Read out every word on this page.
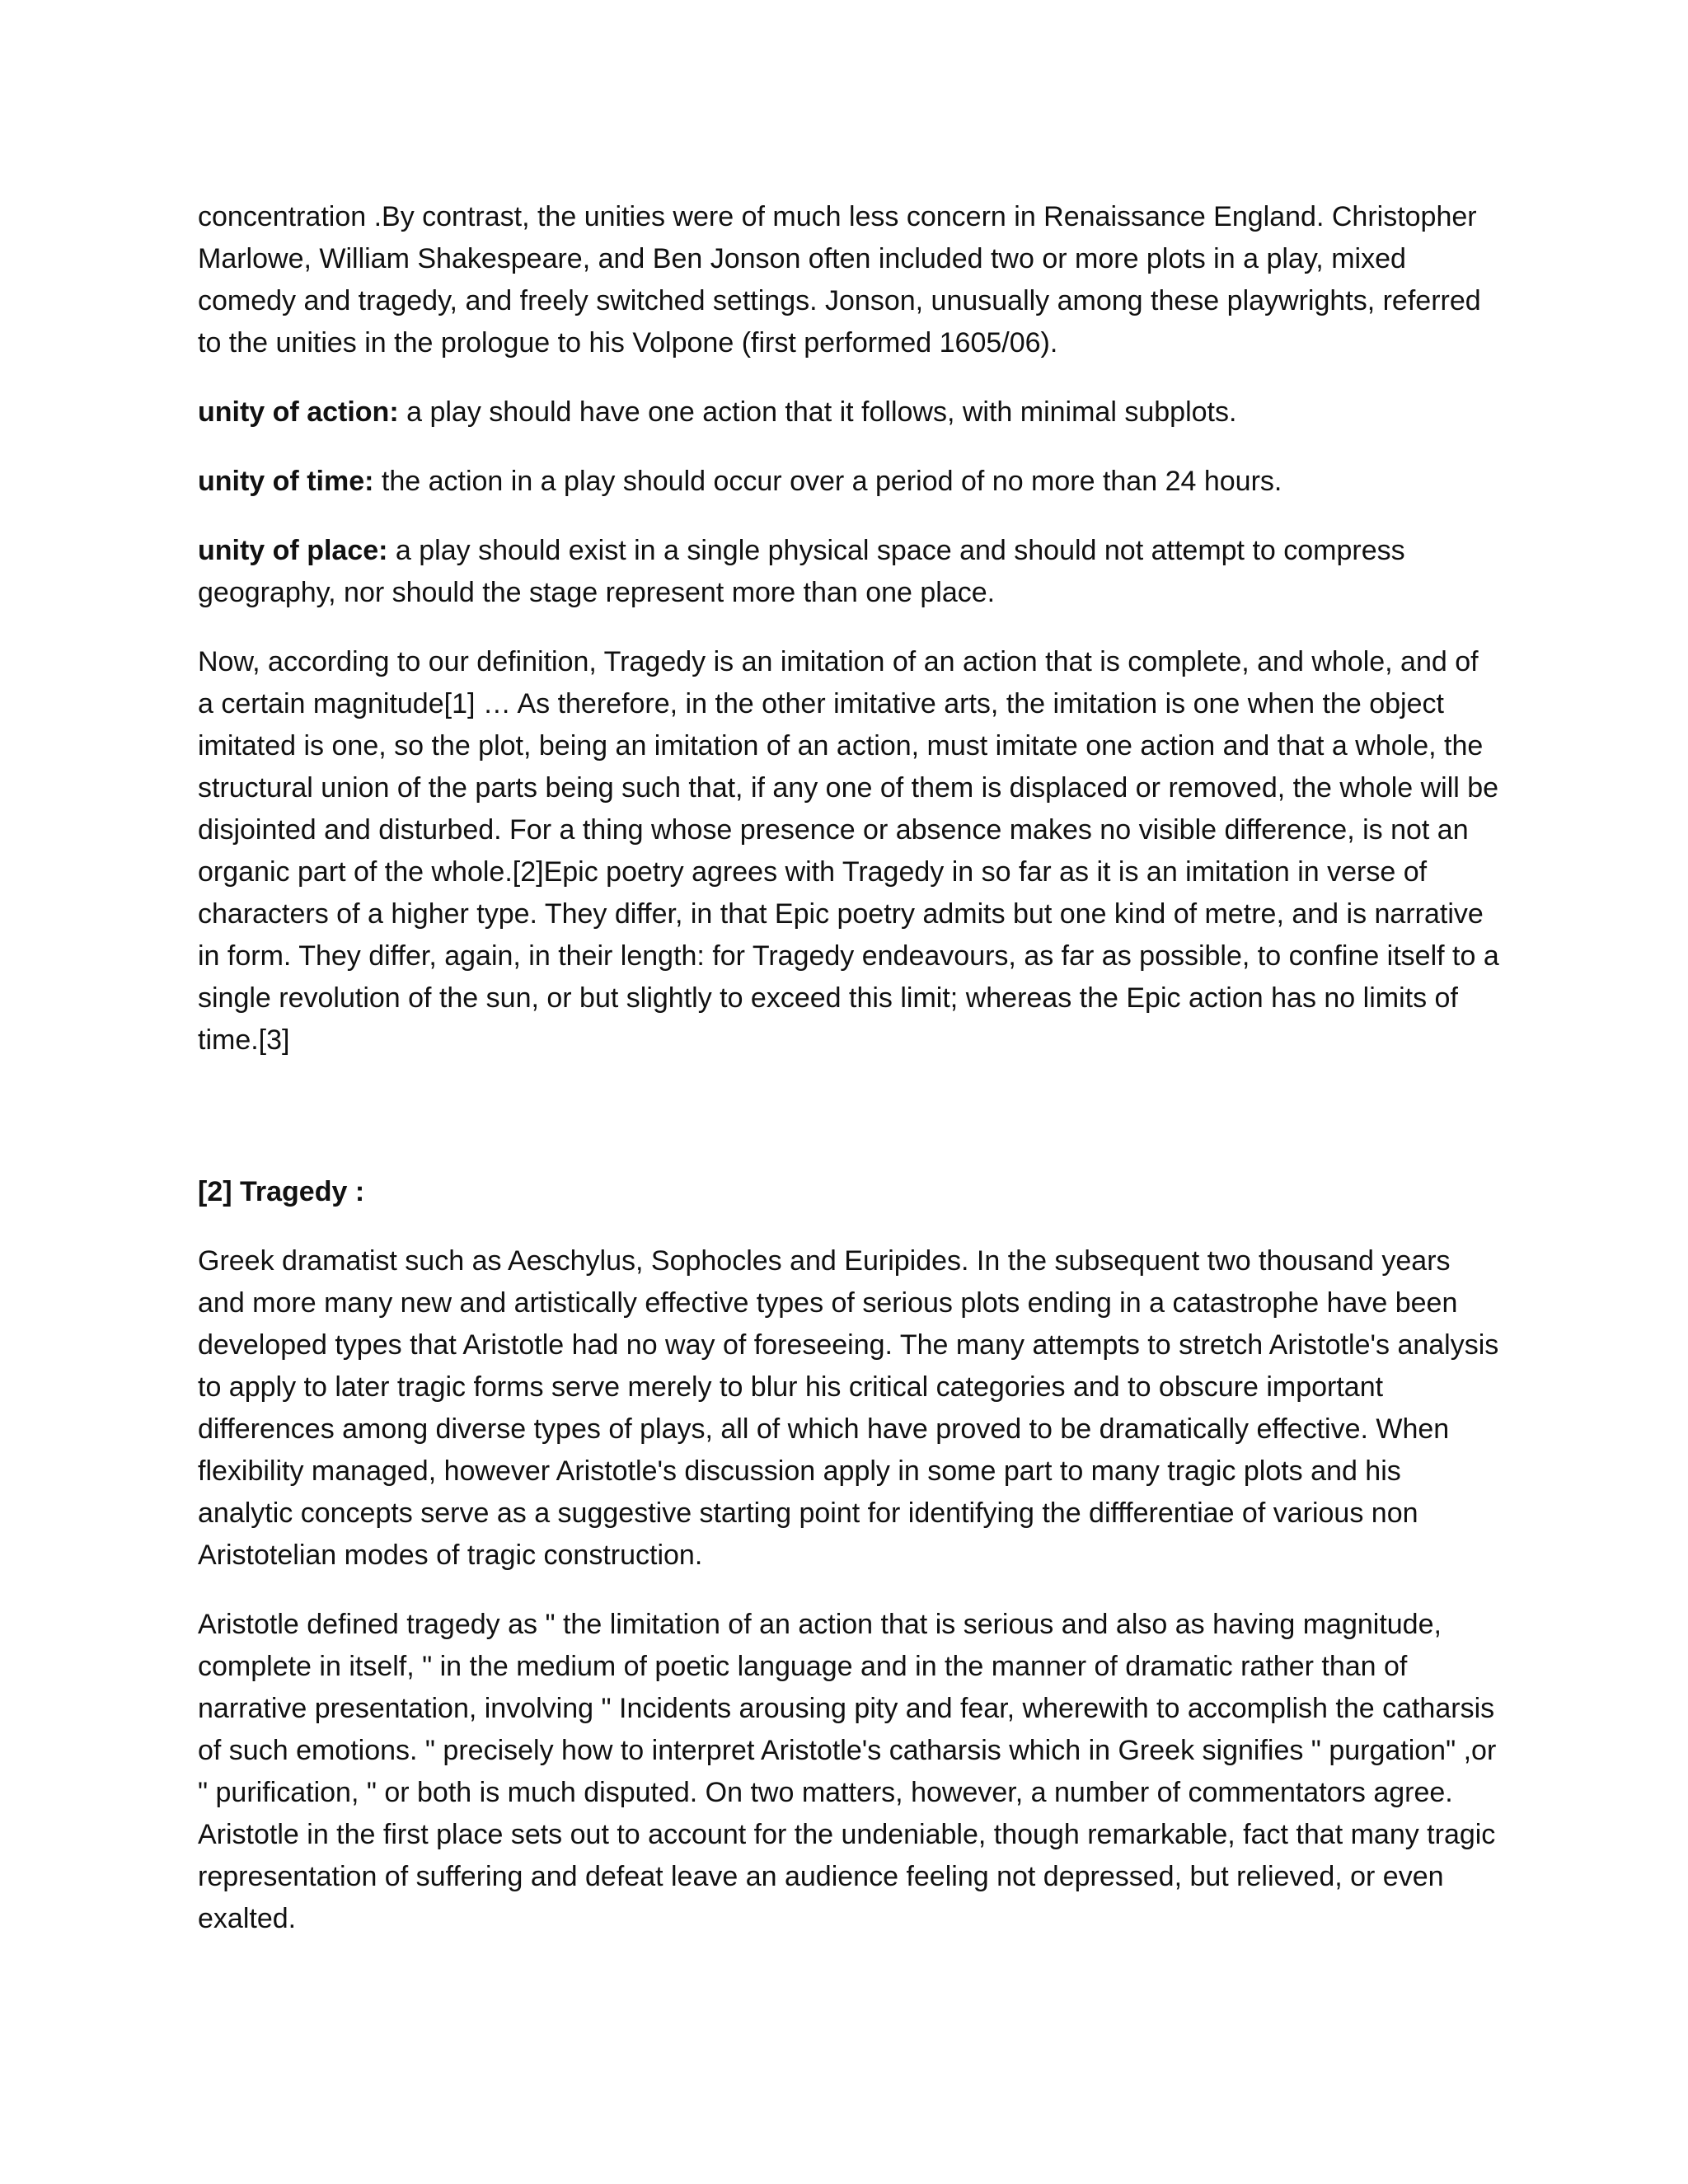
concentration .By contrast, the unities were of much less concern in Renaissance England. Christopher Marlowe, William Shakespeare, and Ben Jonson often included two or more plots in a play, mixed comedy and tragedy, and freely switched settings. Jonson, unusually among these playwrights, referred to the unities in the prologue to his Volpone (first performed 1605/06).

unity of action: a play should have one action that it follows, with minimal subplots.

unity of time: the action in a play should occur over a period of no more than 24 hours.

unity of place: a play should exist in a single physical space and should not attempt to compress geography, nor should the stage represent more than one place.

Now, according to our definition, Tragedy is an imitation of an action that is complete, and whole, and of a certain magnitude[1] … As therefore, in the other imitative arts, the imitation is one when the object imitated is one, so the plot, being an imitation of an action, must imitate one action and that a whole, the structural union of the parts being such that, if any one of them is displaced or removed, the whole will be disjointed and disturbed. For a thing whose presence or absence makes no visible difference, is not an organic part of the whole.[2]Epic poetry agrees with Tragedy in so far as it is an imitation in verse of characters of a higher type. They differ, in that Epic poetry admits but one kind of metre, and is narrative in form. They differ, again, in their length: for Tragedy endeavours, as far as possible, to confine itself to a single revolution of the sun, or but slightly to exceed this limit; whereas the Epic action has no limits of time.[3]

[2] Tragedy :

Greek dramatist such as Aeschylus, Sophocles and Euripides. In the subsequent two thousand years and more many new and artistically effective types of serious plots ending in a catastrophe have been developed types that Aristotle had no way of foreseeing. The many attempts to stretch Aristotle's analysis to apply to later tragic forms serve merely to blur his critical categories and to obscure important differences among diverse types of plays, all of which have proved to be dramatically effective. When flexibility managed, however Aristotle's discussion apply in some part to many tragic plots and his analytic concepts serve as a suggestive starting point for identifying the diffferentiae of various non Aristotelian modes of tragic construction.

Aristotle defined tragedy as " the limitation of an action that is serious and also as having magnitude, complete in itself, " in the medium of poetic language and in the manner of dramatic rather than of narrative presentation, involving " Incidents arousing pity and fear, wherewith to accomplish the catharsis of such emotions. " precisely how to interpret Aristotle's catharsis which in Greek signifies " purgation" ,or " purification, " or both is much disputed. On two matters, however, a number of commentators agree. Aristotle in the first place sets out to account for the undeniable, though remarkable, fact that many tragic representation of suffering and defeat leave an audience feeling not depressed, but relieved, or even exalted.
